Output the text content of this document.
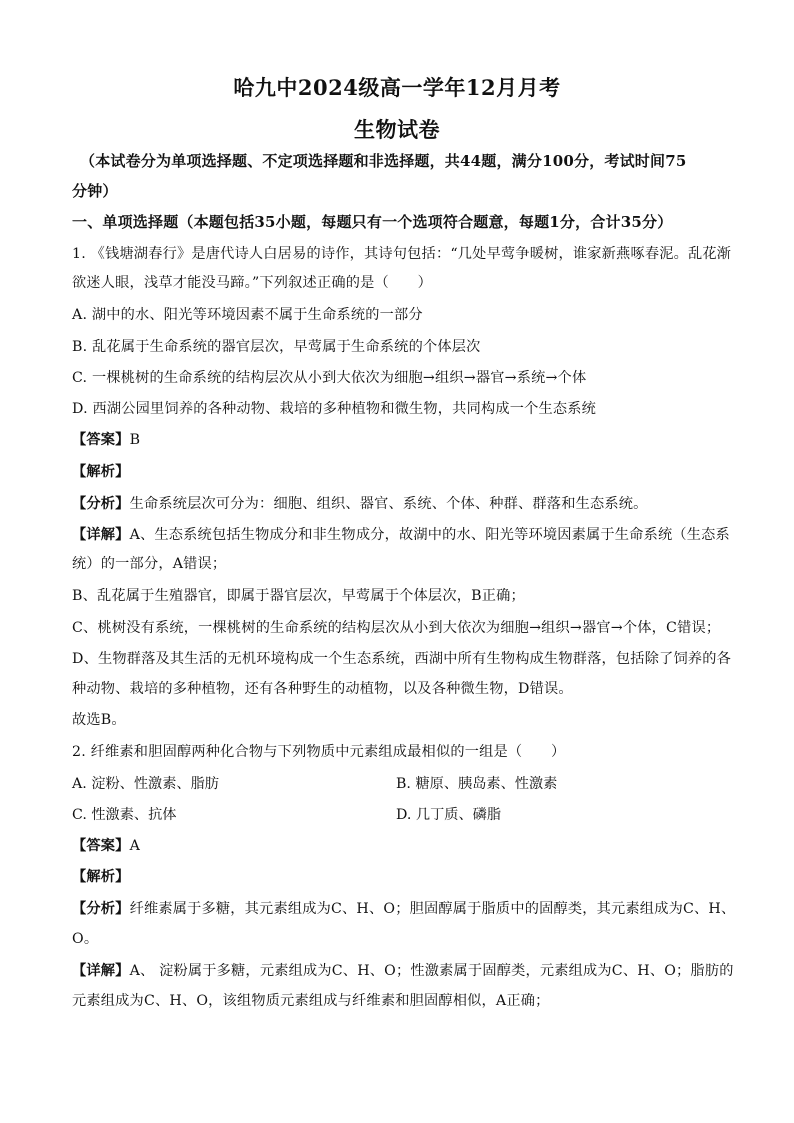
哈九中2024级高一学年12月月考
生物试卷
（本试卷分为单项选择题、不定项选择题和非选择题，共44题，满分100分，考试时间75
分钟）
一、单项选择题（本题包括35小题，每题只有一个选项符合题意，每题1分，合计35分）
1. 《钱塘湖春行》是唐代诗人白居易的诗作，其诗句包括：“几处早莺争暖树，谁家新燕啄春泥。乱花渐
欲迷人眼，浅草才能没马蹄。”下列叙述正确的是（　　）
A. 湖中的水、阳光等环境因素不属于生命系统的一部分
B. 乱花属于生命系统的器官层次，早莺属于生命系统的个体层次
C. 一棵桃树的生命系统的结构层次从小到大依次为细胞→组织→器官→系统→个体
D. 西湖公园里饲养的各种动物、栽培的多种植物和微生物，共同构成一个生态系统
【答案】B
【解析】
【分析】生命系统层次可分为：细胞、组织、器官、系统、个体、种群、群落和生态系统。
【详解】A、生态系统包括生物成分和非生物成分，故湖中的水、阳光等环境因素属于生命系统（生态系
统）的一部分，A错误；
B、乱花属于生殖器官，即属于器官层次，早莺属于个体层次，B正确；
C、桃树没有系统，一棵桃树的生命系统的结构层次从小到大依次为细胞→组织→器官→个体，C错误；
D、生物群落及其生活的无机环境构成一个生态系统，西湖中所有生物构成生物群落，包括除了饲养的各
种动物、栽培的多种植物，还有各种野生的动植物，以及各种微生物，D错误。
故选B。
2. 纤维素和胆固醇两种化合物与下列物质中元素组成最相似的一组是（　　）
A. 淀粉、性激素、脂肪	B. 糖原、胰岛素、性激素
C. 性激素、抗体	D. 几丁质、磷脂
【答案】A
【解析】
【分析】纤维素属于多糖，其元素组成为C、H、O；胆固醇属于脂质中的固醇类，其元素组成为C、H、
O。
【详解】A、 淀粉属于多糖，元素组成为C、H、O；性激素属于固醇类，元素组成为C、H、O；脂肪的
元素组成为C、H、O，该组物质元素组成与纤维素和胆固醇相似，A正确；
